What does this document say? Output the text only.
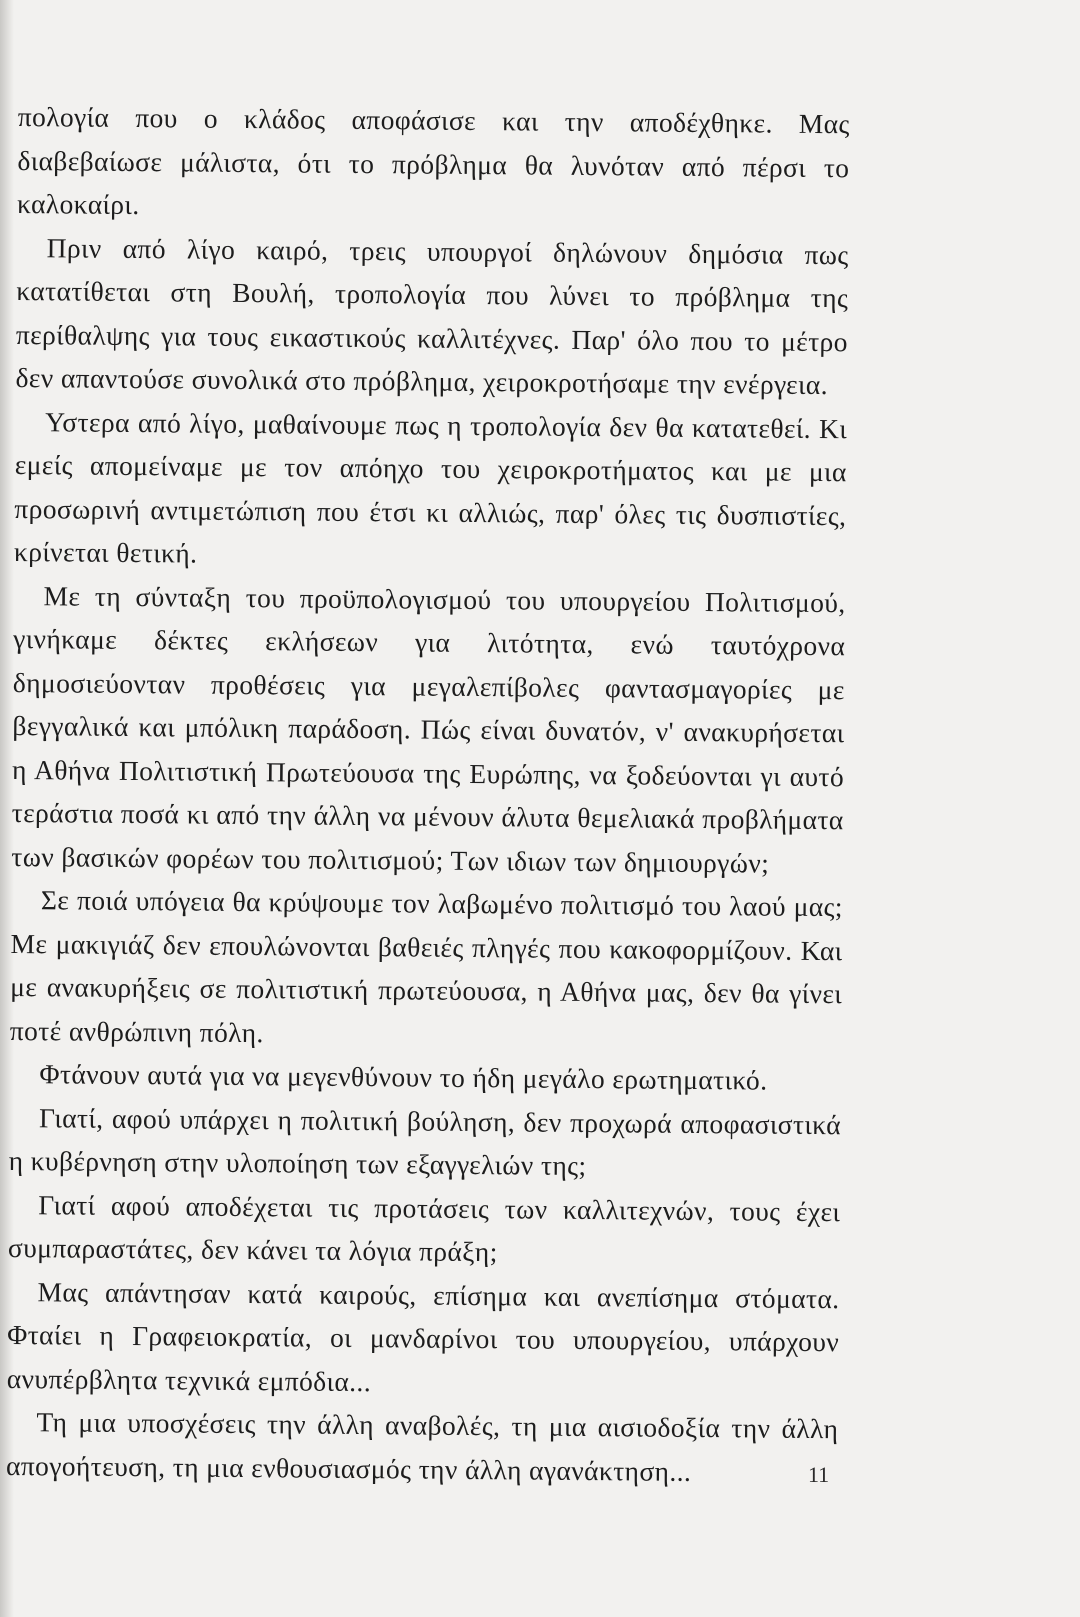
πολογία που ο κλάδος αποφάσισε και την αποδέχθηκε. Μας διαβεβαίωσε μάλιστα, ότι το πρόβλημα θα λυνόταν από πέρσι το καλοκαίρι.

Πριν από λίγο καιρό, τρεις υπουργοί δηλώνουν δημόσια πως κατατίθεται στη Βουλή, τροπολογία που λύνει το πρόβλημα της περίθαλψης για τους εικαστικούς καλλιτέχνες. Παρ' όλο που το μέτρο δεν απαντούσε συνολικά στο πρόβλημα, χειροκροτήσαμε την ενέργεια.

Υστερα από λίγο, μαθαίνουμε πως η τροπολογία δεν θα κατατεθεί. Κι εμείς απομείναμε με τον απόηχο του χειροκροτήματος και με μια προσωρινή αντιμετώπιση που έτσι κι αλλιώς, παρ' όλες τις δυσπιστίες, κρίνεται θετική.

Με τη σύνταξη του προϋπολογισμού του υπουργείου Πολιτισμού, γινήκαμε δέκτες εκλήσεων για λιτότητα, ενώ ταυτόχρονα δημοσιεύονταν προθέσεις για μεγαλεπίβολες φαντασμαγορίες με βεγγαλικά και μπόλικη παράδοση. Πώς είναι δυνατόν, ν' ανακυρήσεται η Αθήνα Πολιτιστική Πρωτεύουσα της Ευρώπης, να ξοδεύονται γι αυτό τεράστια ποσά κι από την άλλη να μένουν άλυτα θεμελιακά προβλήματα των βασικών φορέων του πολιτισμού; Των ιδιων των δημιουργών;

Σε ποιά υπόγεια θα κρύψουμε τον λαβωμένο πολιτισμό του λαού μας; Με μακιγιάζ δεν επουλώνονται βαθειές πληγές που κακοφορμίζουν. Και με ανακυρήξεις σε πολιτιστική πρωτεύουσα, η Αθήνα μας, δεν θα γίνει ποτέ ανθρώπινη πόλη.

Φτάνουν αυτά για να μεγενθύνουν το ήδη μεγάλο ερωτηματικό.

Γιατί, αφού υπάρχει η πολιτική βούληση, δεν προχωρά αποφασιστικά η κυβέρνηση στην υλοποίηση των εξαγγελιών της;

Γιατί αφού αποδέχεται τις προτάσεις των καλλιτεχνών, τους έχει συμπαραστάτες, δεν κάνει τα λόγια πράξη;

Μας απάντησαν κατά καιρούς, επίσημα και ανεπίσημα στόματα. Φταίει η Γραφειοκρατία, οι μανδαρίνοι του υπουργείου, υπάρχουν ανυπέρβλητα τεχνικά εμπόδια...

Τη μια υποσχέσεις την άλλη αναβολές, τη μια αισιοδοξία την άλλη απογοήτευση, τη μια ενθουσιασμός την άλλη αγανάκτηση...	11
